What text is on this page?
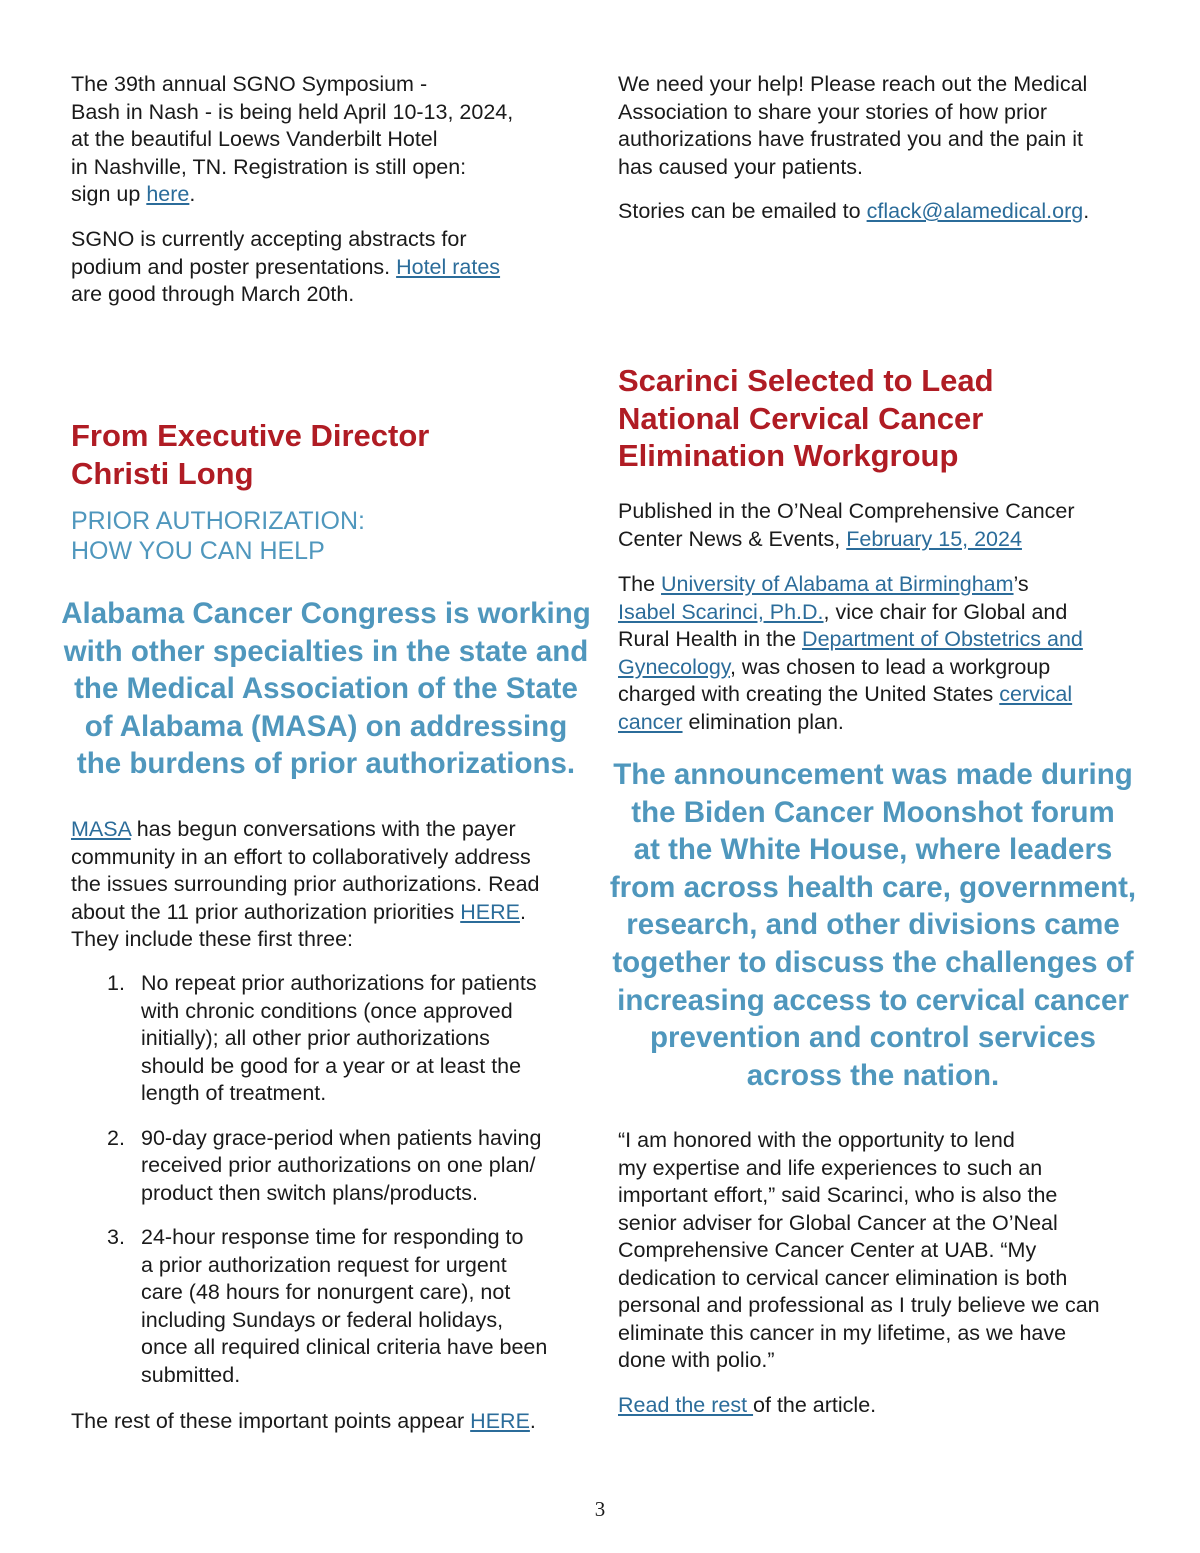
The 39th annual SGNO Symposium -
Bash in Nash - is being held April 10-13, 2024,
at the beautiful Loews Vanderbilt Hotel
in Nashville, TN. Registration is still open:
sign up here.

SGNO is currently accepting abstracts for
podium and poster presentations. Hotel rates
are good through March 20th.

From Executive Director
Christi Long
PRIOR AUTHORIZATION:
HOW YOU CAN HELP
Alabama Cancer Congress is working
with other specialties in the state and
the Medical Association of the State
of Alabama (MASA) on addressing
the burdens of prior authorizations.

MASA has begun conversations with the payer
community in an effort to collaboratively address
the issues surrounding prior authorizations. Read
about the 11 prior authorization priorities HERE.
They include these first three:

1. No repeat prior authorizations for patients
with chronic conditions (once approved
initially); all other prior authorizations
should be good for a year or at least the
length of treatment.
2. 90-day grace-period when patients having
received prior authorizations on one plan/
product then switch plans/products.
3. 24-hour response time for responding to
a prior authorization request for urgent
care (48 hours for nonurgent care), not
including Sundays or federal holidays,
once all required clinical criteria have been
submitted.

The rest of these important points appear HERE.

We need your help! Please reach out the Medical
Association to share your stories of how prior
authorizations have frustrated you and the pain it
has caused your patients.

Stories can be emailed to cflack@alamedical.org.

Scarinci Selected to Lead
National Cervical Cancer
Elimination Workgroup

Published in the O’Neal Comprehensive Cancer
Center News & Events, February 15, 2024

The University of Alabama at Birmingham’s
Isabel Scarinci, Ph.D., vice chair for Global and
Rural Health in the Department of Obstetrics and
Gynecology, was chosen to lead a workgroup
charged with creating the United States cervical
cancer elimination plan.

The announcement was made during
the Biden Cancer Moonshot forum
at the White House, where leaders
from across health care, government,
research, and other divisions came
together to discuss the challenges of
increasing access to cervical cancer
prevention and control services
across the nation.

“I am honored with the opportunity to lend
my expertise and life experiences to such an
important effort,” said Scarinci, who is also the
senior adviser for Global Cancer at the O’Neal
Comprehensive Cancer Center at UAB. “My
dedication to cervical cancer elimination is both
personal and professional as I truly believe we can
eliminate this cancer in my lifetime, as we have
done with polio.”

Read the rest of the article.

3
